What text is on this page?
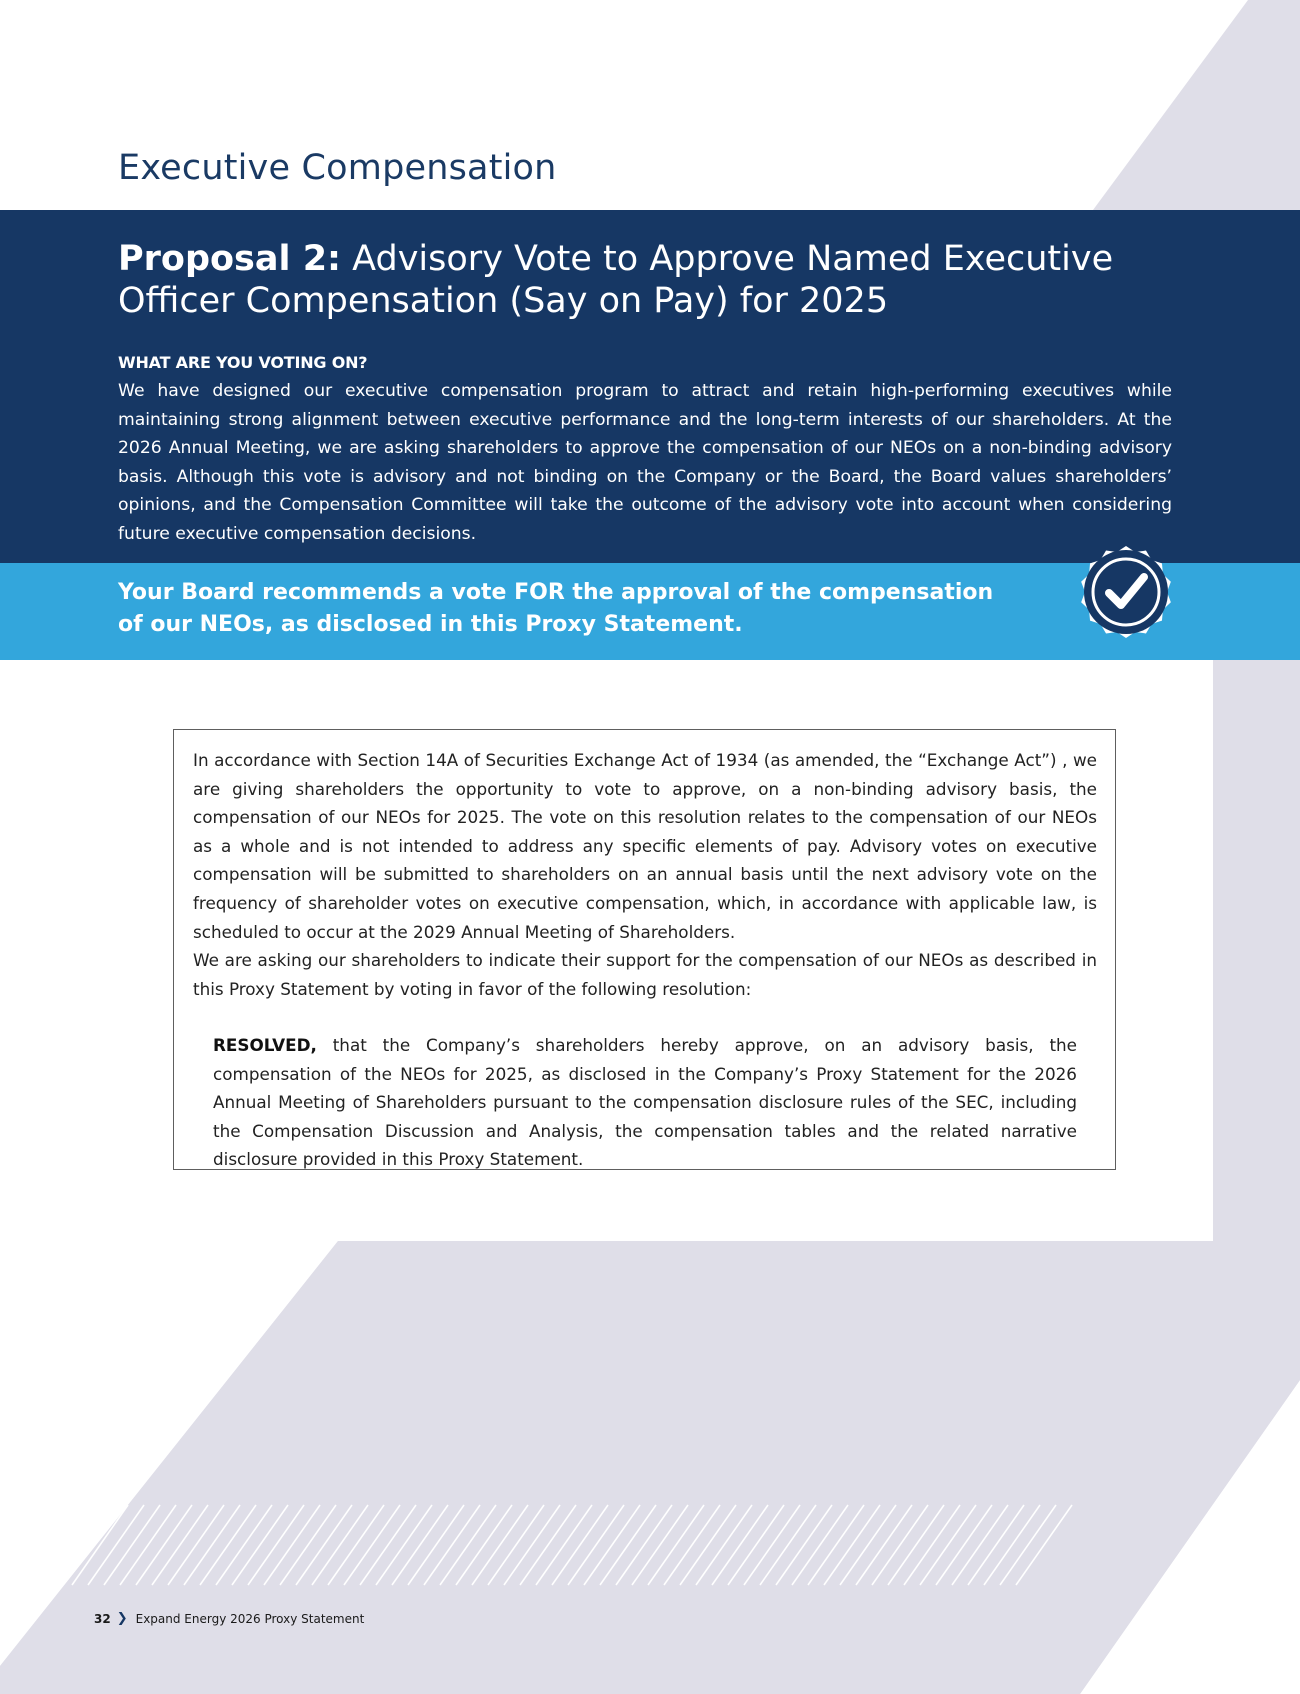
Executive Compensation
Proposal 2: Advisory Vote to Approve Named Executive Officer Compensation (Say on Pay) for 2025
WHAT ARE YOU VOTING ON?

We have designed our executive compensation program to attract and retain high-performing executives while maintaining strong alignment between executive performance and the long-term interests of our shareholders. At the 2026 Annual Meeting, we are asking shareholders to approve the compensation of our NEOs on a non-binding advisory basis. Although this vote is advisory and not binding on the Company or the Board, the Board values shareholders’ opinions, and the Compensation Committee will take the outcome of the advisory vote into account when considering future executive compensation decisions.

Your Board recommends a vote FOR the approval of the compensation
of our NEOs, as disclosed in this Proxy Statement.

In accordance with Section 14A of Securities Exchange Act of 1934 (as amended, the “Exchange Act”) , we are giving shareholders the opportunity to vote to approve, on a non-binding advisory basis, the compensation of our NEOs for 2025. The vote on this resolution relates to the compensation of our NEOs as a whole and is not intended to address any specific elements of pay. Advisory votes on executive compensation will be submitted to shareholders on an annual basis until the next advisory vote on the frequency of shareholder votes on executive compensation, which, in accordance with applicable law, is scheduled to occur at the 2029 Annual Meeting of Shareholders.

We are asking our shareholders to indicate their support for the compensation of our NEOs as described in this Proxy Statement by voting in favor of the following resolution:

RESOLVED, that the Company’s shareholders hereby approve, on an advisory basis, the compensation of the NEOs for 2025, as disclosed in the Company’s Proxy Statement for the 2026 Annual Meeting of Shareholders pursuant to the compensation disclosure rules of the SEC, including the Compensation Discussion and Analysis, the compensation tables and the related narrative disclosure provided in this Proxy Statement.

32 ❯ Expand Energy 2026 Proxy Statement
